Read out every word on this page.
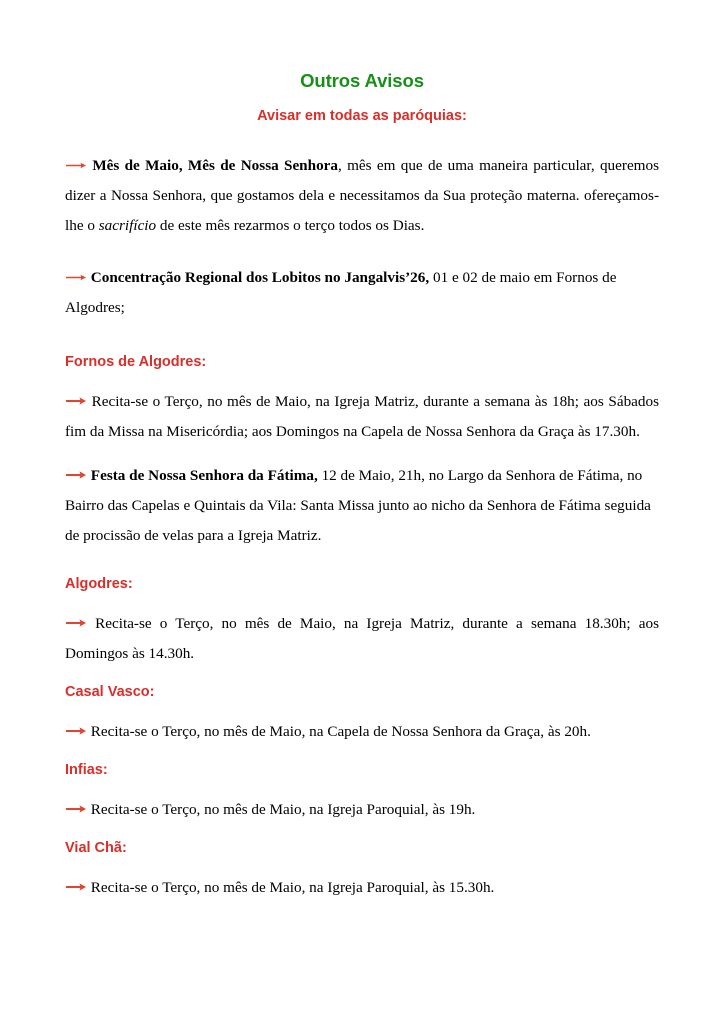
Outros Avisos
Avisar em todas as paróquias:

Mês de Maio, Mês de Nossa Senhora, mês em que de uma maneira particular, queremos dizer a Nossa Senhora, que gostamos dela e necessitamos da Sua proteção materna. ofereçamos-lhe o sacrifício de este mês rezarmos o terço todos os Dias.

Concentração Regional dos Lobitos no Jangalvis’26, 01 e 02 de maio em Fornos de Algodres;

Fornos de Algodres:

Recita-se o Terço, no mês de Maio, na Igreja Matriz, durante a semana às 18h; aos Sábados fim da Missa na Misericórdia; aos Domingos na Capela de Nossa Senhora da Graça às 17.30h.

Festa de Nossa Senhora da Fátima, 12 de Maio, 21h, no Largo da Senhora de Fátima, no Bairro das Capelas e Quintais da Vila: Santa Missa junto ao nicho da Senhora de Fátima seguida de procissão de velas para a Igreja Matriz.

Algodres:

Recita-se o Terço, no mês de Maio, na Igreja Matriz, durante a semana 18.30h; aos Domingos às 14.30h.

Casal Vasco:

Recita-se o Terço, no mês de Maio, na Capela de Nossa Senhora da Graça, às 20h.

Infias:

Recita-se o Terço, no mês de Maio, na Igreja Paroquial, às 19h.

Vial Chã:

Recita-se o Terço, no mês de Maio, na Igreja Paroquial, às 15.30h.
